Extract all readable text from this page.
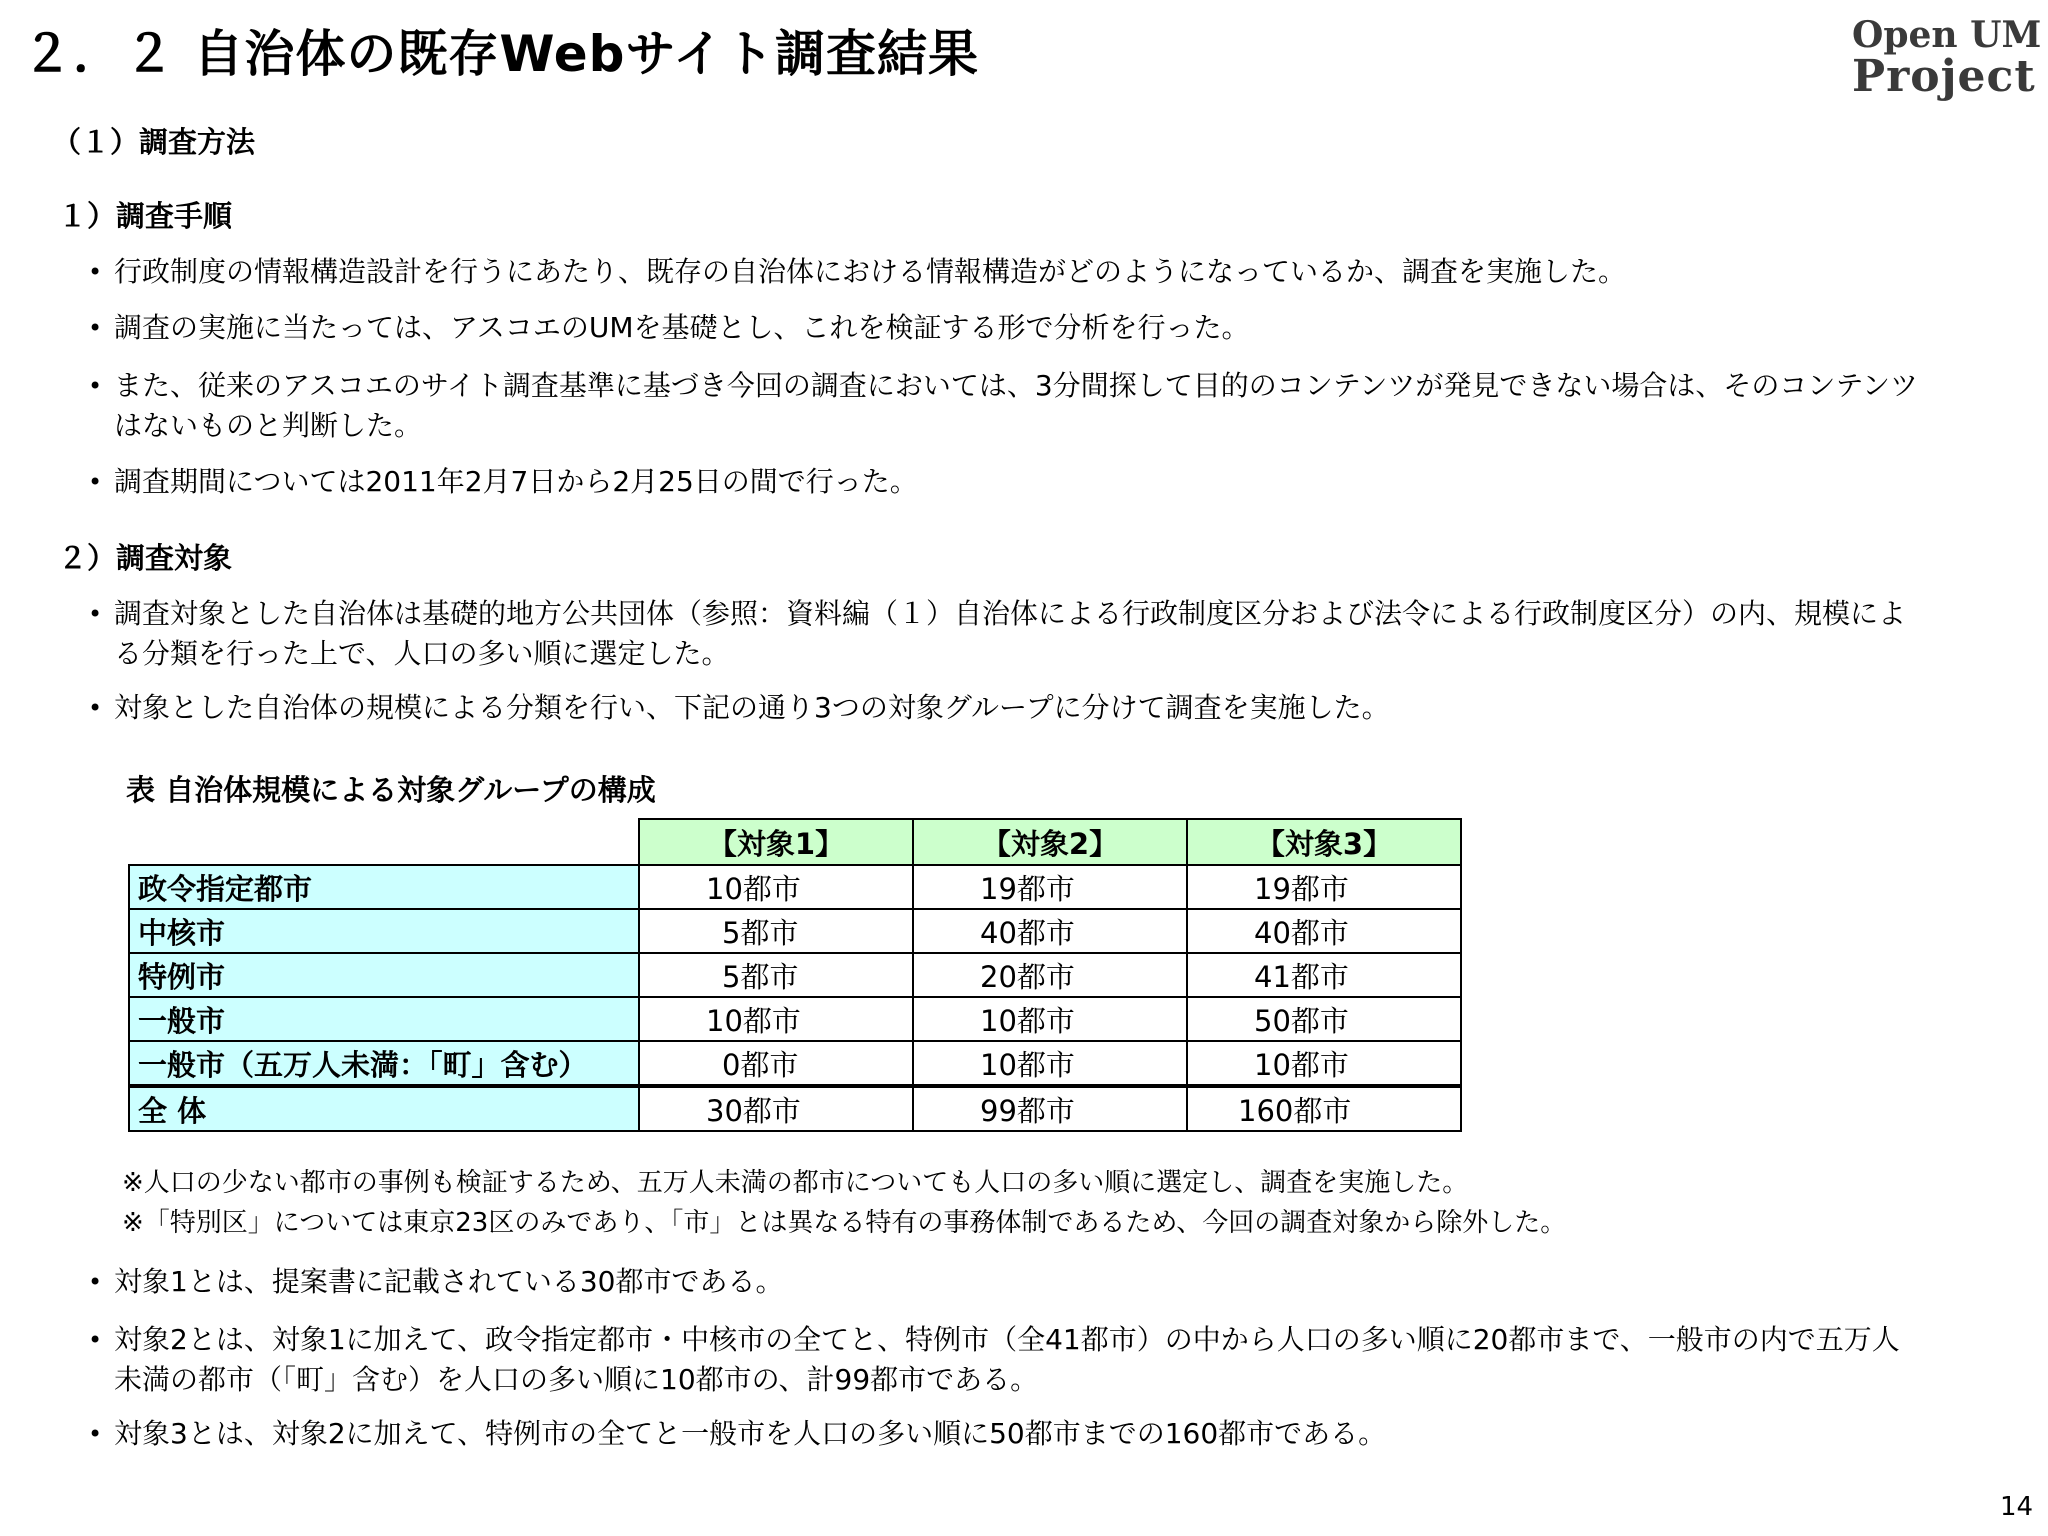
２．２ 自治体の既存Webサイト調査結果	Open UM
Project
（１）調査方法
１）調査手順
• 行政制度の情報構造設計を行うにあたり、既存の自治体における情報構造がどのようになっているか、調査を実施した。
• 調査の実施に当たっては、アスコエのUMを基礎とし、これを検証する形で分析を行った。
• また、従来のアスコエのサイト調査基準に基づき今回の調査においては、3分間探して目的のコンテンツが発見できない場合は、そのコンテンツはないものと判断した。
• 調査期間については2011年2月7日から2月25日の間で行った。
２）調査対象
• 調査対象とした自治体は基礎的地方公共団体（参照：資料編（１）自治体による行政制度区分および法令による行政制度区分）の内、規模による分類を行った上で、人口の多い順に選定した。
• 対象とした自治体の規模による分類を行い、下記の通り3つの対象グループに分けて調査を実施した。
表 自治体規模による対象グループの構成
	【対象1】	【対象2】	【対象3】
政令指定都市	10都市	19都市	19都市
中核市	5都市	40都市	40都市
特例市	5都市	20都市	41都市
一般市	10都市	10都市	50都市
一般市（五万人未満：「町」含む）	0都市	10都市	10都市
全 体	30都市	99都市	160都市
※人口の少ない都市の事例も検証するため、五万人未満の都市についても人口の多い順に選定し、調査を実施した。
※「特別区」については東京23区のみであり、「市」とは異なる特有の事務体制であるため、今回の調査対象から除外した。
• 対象1とは、提案書に記載されている30都市である。
• 対象2とは、対象1に加えて、政令指定都市・中核市の全てと、特例市（全41都市）の中から人口の多い順に20都市まで、一般市の内で五万人未満の都市（「町」含む）を人口の多い順に10都市の、計99都市である。
• 対象3とは、対象2に加えて、特例市の全てと一般市を人口の多い順に50都市までの160都市である。
14
